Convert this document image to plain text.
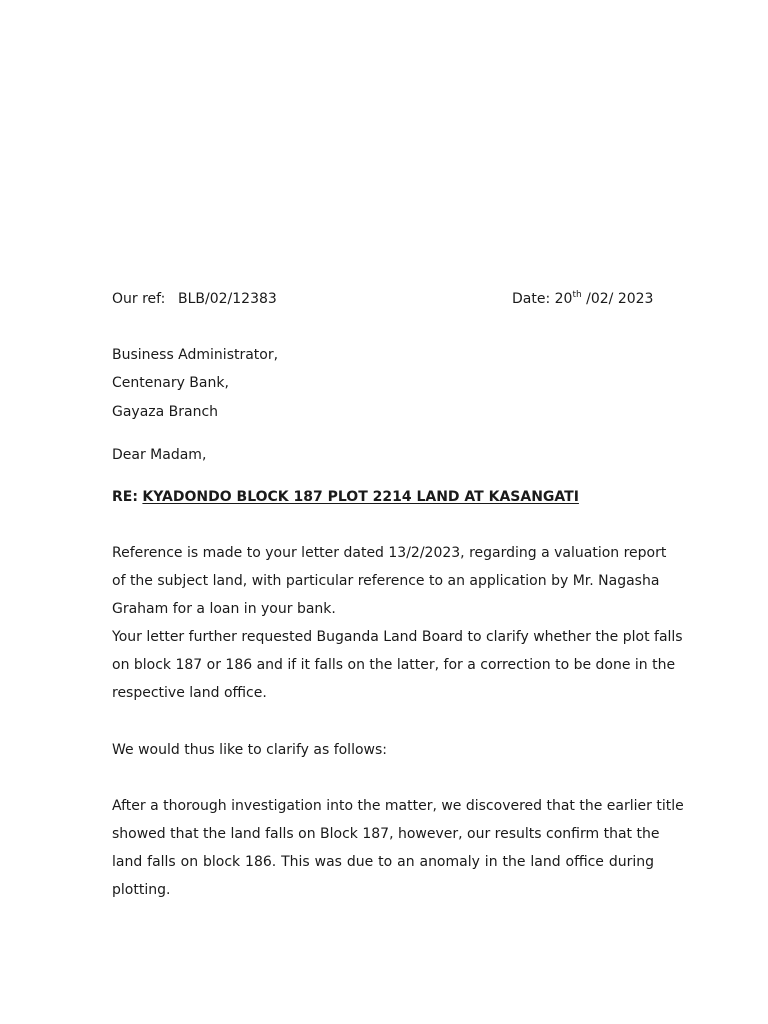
Our ref: BLB/02/12383	Date: 20th /02/ 2023
Business Administrator,
Centenary Bank,
Gayaza Branch
Dear Madam,
RE: KYADONDO BLOCK 187 PLOT 2214 LAND AT KASANGATI
Reference is made to your letter dated 13/2/2023, regarding a valuation report
of the subject land, with particular reference to an application by Mr. Nagasha
Graham for a loan in your bank.
Your letter further requested Buganda Land Board to clarify whether the plot falls
on block 187 or 186 and if it falls on the latter, for a correction to be done in the
respective land office.
We would thus like to clarify as follows:
After a thorough investigation into the matter, we discovered that the earlier title
showed that the land falls on Block 187, however, our results confirm that the
land falls on block 186. This was due to an anomaly in the land office during
plotting.
